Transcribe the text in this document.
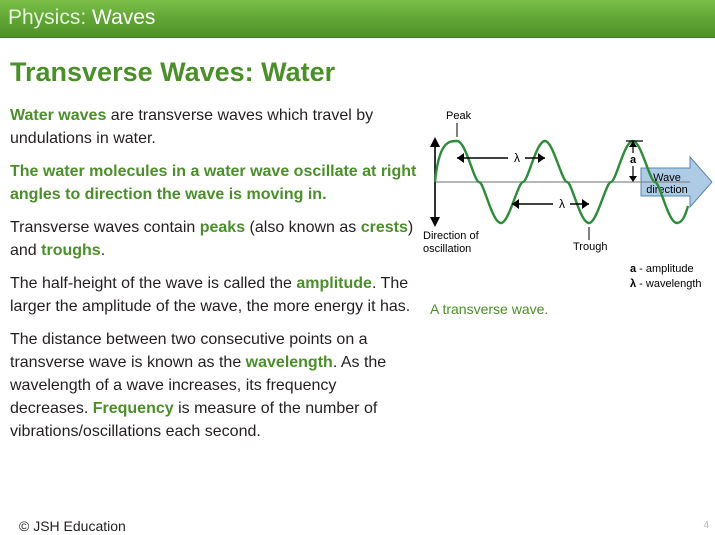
Physics: Waves
Transverse Waves: Water

Water waves are transverse waves which travel by undulations in water.

The water molecules in a water wave oscillate at right angles to direction the wave is moving in.

Transverse waves contain peaks (also known as crests) and troughs.

The half-height of the wave is called the amplitude. The larger the amplitude of the wave, the more energy it has.

The distance between two consecutive points on a transverse wave is known as the wavelength. As the wavelength of a wave increases, its frequency decreases. Frequency is measure of the number of vibrations/oscillations each second.

Wave
direction
Peak
λ
λ
a
Trough
Direction of
oscillation
a - amplitude
λ - wavelength
A transverse wave.
© JSH Education	4
